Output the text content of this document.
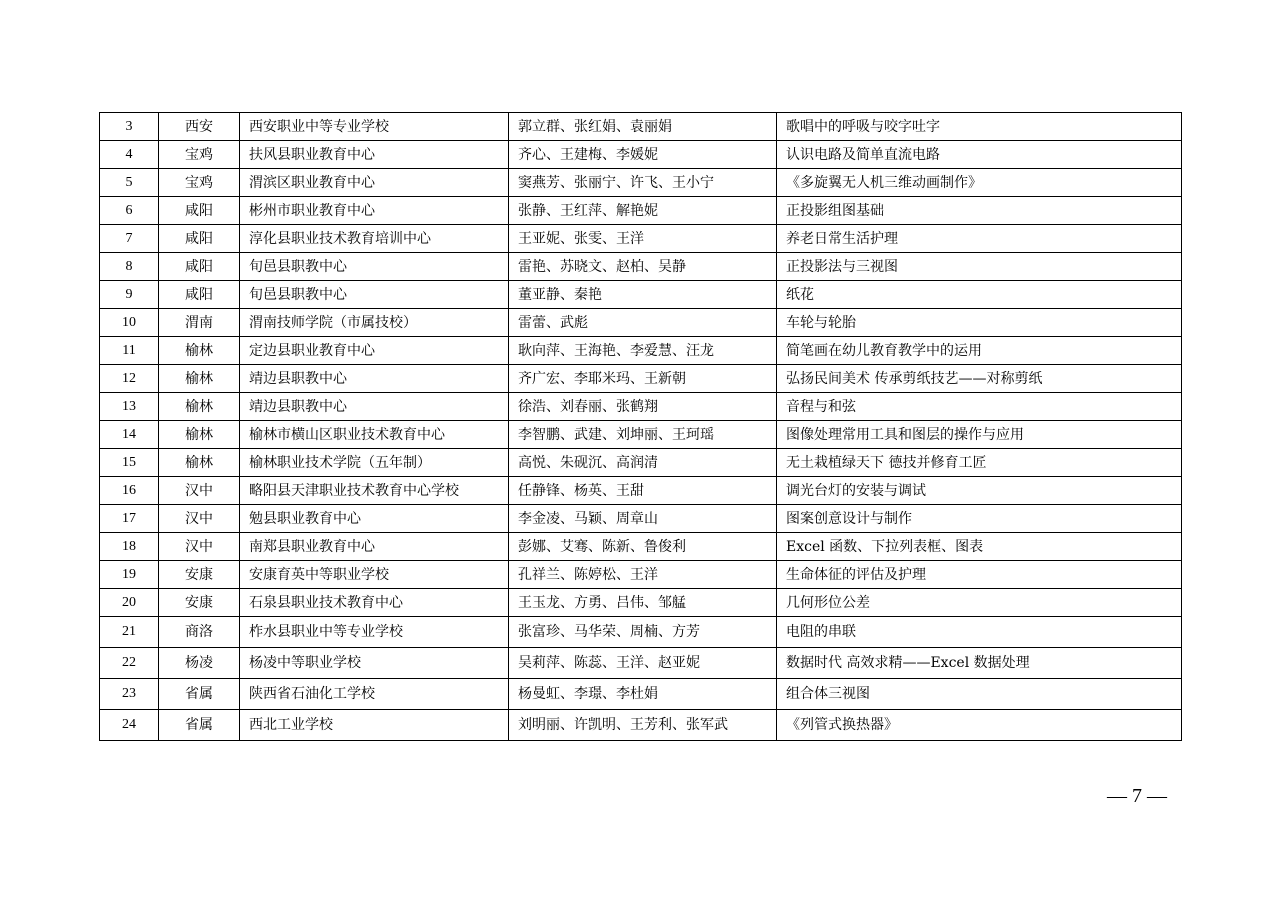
3	西安	西安职业中等专业学校	郭立群、张红娟、袁丽娟	歌唱中的呼吸与咬字吐字
4	宝鸡	扶风县职业教育中心	齐心、王建梅、李媛妮	认识电路及简单直流电路
5	宝鸡	渭滨区职业教育中心	窦燕芳、张丽宁、许飞、王小宁	《多旋翼无人机三维动画制作》
6	咸阳	彬州市职业教育中心	张静、王红萍、解艳妮	正投影组图基础
7	咸阳	淳化县职业技术教育培训中心	王亚妮、张雯、王洋	养老日常生活护理
8	咸阳	旬邑县职教中心	雷艳、苏晓文、赵柏、吴静	正投影法与三视图
9	咸阳	旬邑县职教中心	董亚静、秦艳	纸花
10	渭南	渭南技师学院（市属技校）	雷蕾、武彪	车轮与轮胎
11	榆林	定边县职业教育中心	耿向萍、王海艳、李爱慧、汪龙	简笔画在幼儿教育教学中的运用
12	榆林	靖边县职教中心	齐广宏、李耶米玛、王新朝	弘扬民间美术 传承剪纸技艺——对称剪纸
13	榆林	靖边县职教中心	徐浩、刘春丽、张鹤翔	音程与和弦
14	榆林	榆林市横山区职业技术教育中心	李智鹏、武建、刘坤丽、王珂瑶	图像处理常用工具和图层的操作与应用
15	榆林	榆林职业技术学院（五年制）	高悦、朱砚沉、高润清	无土栽植绿天下 德技并修育工匠
16	汉中	略阳县天津职业技术教育中心学校	任静锋、杨英、王甜	调光台灯的安装与调试
17	汉中	勉县职业教育中心	李金凌、马颖、周章山	图案创意设计与制作
18	汉中	南郑县职业教育中心	彭娜、艾骞、陈新、鲁俊利	Excel 函数、下拉列表框、图表
19	安康	安康育英中等职业学校	孔祥兰、陈婷松、王洋	生命体征的评估及护理
20	安康	石泉县职业技术教育中心	王玉龙、方勇、吕伟、邹艋	几何形位公差
21	商洛	柞水县职业中等专业学校	张富珍、马华荣、周楠、方芳	电阻的串联
22	杨凌	杨凌中等职业学校	吴莉萍、陈蕊、王洋、赵亚妮	数据时代 高效求精——Excel 数据处理
23	省属	陕西省石油化工学校	杨曼虹、李璟、李杜娟	组合体三视图
24	省属	西北工业学校	刘明丽、许凯明、王芳利、张军武	《列管式换热器》
— 7 —
